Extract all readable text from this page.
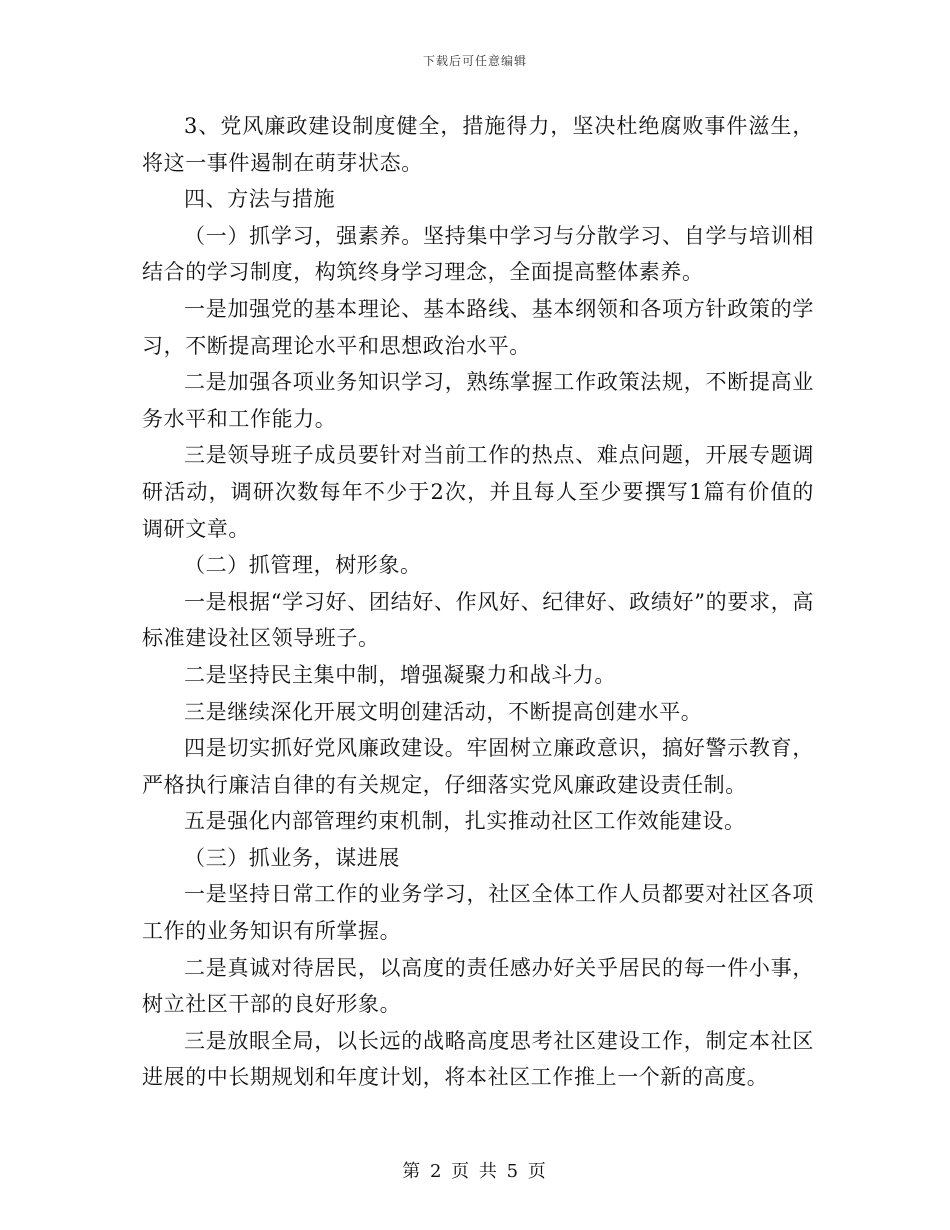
下载后可任意编辑

3、党风廉政建设制度健全，措施得力，坚决杜绝腐败事件滋生，将这一事件遏制在萌芽状态。

四、方法与措施

（一）抓学习，强素养。坚持集中学习与分散学习、自学与培训相结合的学习制度，构筑终身学习理念，全面提高整体素养。

一是加强党的基本理论、基本路线、基本纲领和各项方针政策的学习，不断提高理论水平和思想政治水平。

二是加强各项业务知识学习，熟练掌握工作政策法规，不断提高业务水平和工作能力。

三是领导班子成员要针对当前工作的热点、难点问题，开展专题调研活动，调研次数每年不少于2次，并且每人至少要撰写1篇有价值的调研文章。

（二）抓管理，树形象。

一是根据“学习好、团结好、作风好、纪律好、政绩好”的要求，高标准建设社区领导班子。

二是坚持民主集中制，增强凝聚力和战斗力。

三是继续深化开展文明创建活动，不断提高创建水平。

四是切实抓好党风廉政建设。牢固树立廉政意识，搞好警示教育，严格执行廉洁自律的有关规定，仔细落实党风廉政建设责任制。

五是强化内部管理约束机制，扎实推动社区工作效能建设。

（三）抓业务，谋进展

一是坚持日常工作的业务学习，社区全体工作人员都要对社区各项工作的业务知识有所掌握。

二是真诚对待居民，以高度的责任感办好关乎居民的每一件小事，树立社区干部的良好形象。

三是放眼全局，以长远的战略高度思考社区建设工作，制定本社区进展的中长期规划和年度计划，将本社区工作推上一个新的高度。

第 2 页 共 5 页
